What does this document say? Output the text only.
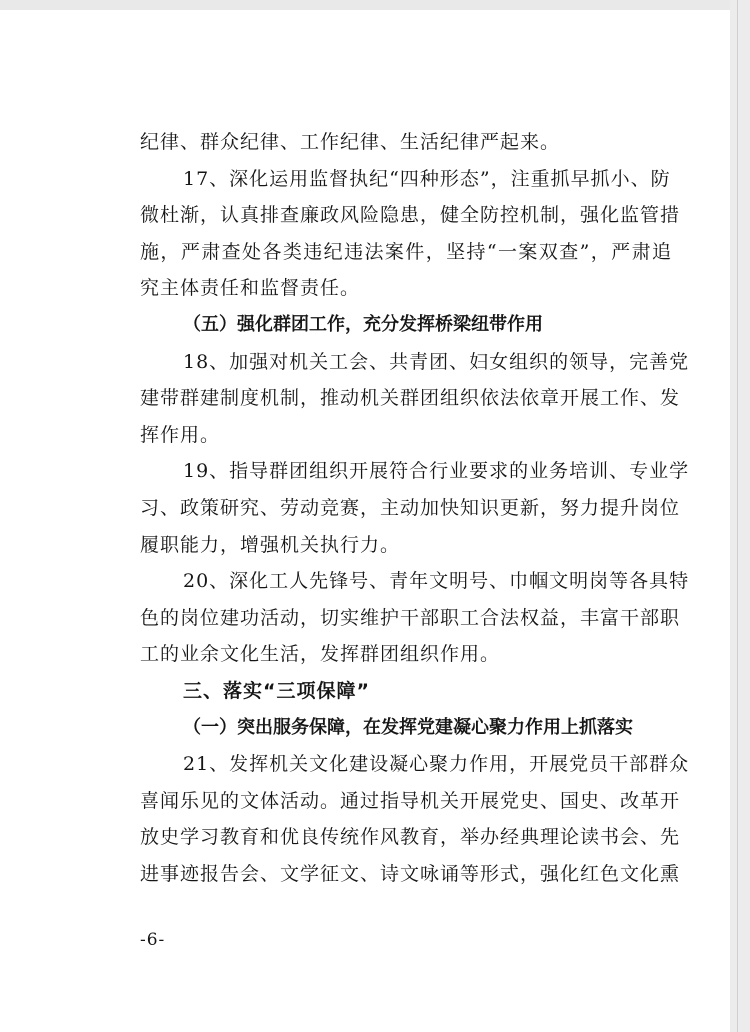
纪律、群众纪律、工作纪律、生活纪律严起来。
17、深化运用监督执纪“四种形态”，注重抓早抓小、防
微杜渐，认真排查廉政风险隐患，健全防控机制，强化监管措
施，严肃查处各类违纪违法案件，坚持“一案双查”，严肃追
究主体责任和监督责任。
（五）强化群团工作，充分发挥桥梁纽带作用
18、加强对机关工会、共青团、妇女组织的领导，完善党
建带群建制度机制，推动机关群团组织依法依章开展工作、发
挥作用。
19、指导群团组织开展符合行业要求的业务培训、专业学
习、政策研究、劳动竞赛，主动加快知识更新，努力提升岗位
履职能力，增强机关执行力。
20、深化工人先锋号、青年文明号、巾帼文明岗等各具特
色的岗位建功活动，切实维护干部职工合法权益，丰富干部职
工的业余文化生活，发挥群团组织作用。
三、落实“三项保障”
（一）突出服务保障，在发挥党建凝心聚力作用上抓落实
21、发挥机关文化建设凝心聚力作用，开展党员干部群众
喜闻乐见的文体活动。通过指导机关开展党史、国史、改革开
放史学习教育和优良传统作风教育，举办经典理论读书会、先
进事迹报告会、文学征文、诗文咏诵等形式，强化红色文化熏
-6-
